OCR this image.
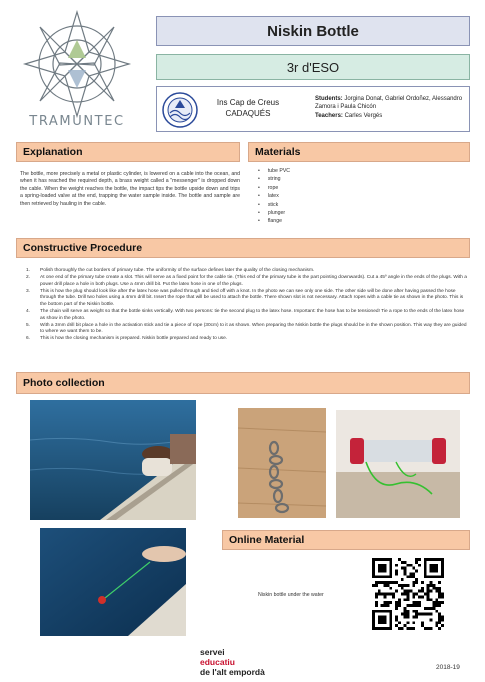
TRAMUNTEC
Niskin Bottle
3r d'ESO
Ins Cap de Creus
CADAQUÉS
Students: Jorgina Donat, Gabriel Ordoñez, Alessandro Zamora i Paula Chicón
Teachers: Carles Vergés
Explanation
The bottle, more precisely a metal or plastic cylinder, is lowered on a cable into the ocean, and when it has reached the required depth, a brass weight called a "messenger" is dropped down the cable. When the weight reaches the bottle, the impact tips the bottle upside down and trips a spring-loaded valve at the end, trapping the water sample inside. The bottle and sample are then retrieved by hauling in the cable.
Materials
• tube PVC
• string
• rope
• latex
• stick
• plunger
• flange
Constructive Procedure
1.	Polish thoroughly the cut borders of primary tube. The uniformity of the surface defines later the quality of the closing mechanism.
2.	At one end of the primary tube create a slot. This will serve as a fixed point for the cable tie. (This end of the primary tube is the part pointing downwards). Cut a 45º angle in the ends of the plugs. With a power drill place a hole in both plugs. Use a 4mm drill bit. Put the latex hose in one of the plugs.
3.	This is how the plug should look like after the latex hose was pulled through and tied off with a knot. In the photo we can see only one side. The other side will be done after having passed the hose through the tube. Drill two holes using a 4mm drill bit. Insert the rope that will be used to attach the bottle. There shown slot is not necessary. Attach ropes with a cable tie as shown in the photo. This is the bottom part of the Niskin bottle.
4.	The chain will serve as weight so that the bottle sinks vertically. With two persons: tie the second plug to the latex hose. Important: the hose has to be tensioned! Tie a rope to the ends of the latex hose as show in the photo.
5.	With a 3mm drill bit place a hole in the activation stick and tie a piece of rope (30cm) to it as shown. When preparing the Niskin bottle the plugs should be in the shown position. This way they are guided to where we want them to be.
6.	This is how the closing mechanism is prepared. Niskin bottle prepared and ready to use.
Photo collection
Online Material
Niskin bottle under the water
servei
educatiu
de l'alt empordà	2018-19
